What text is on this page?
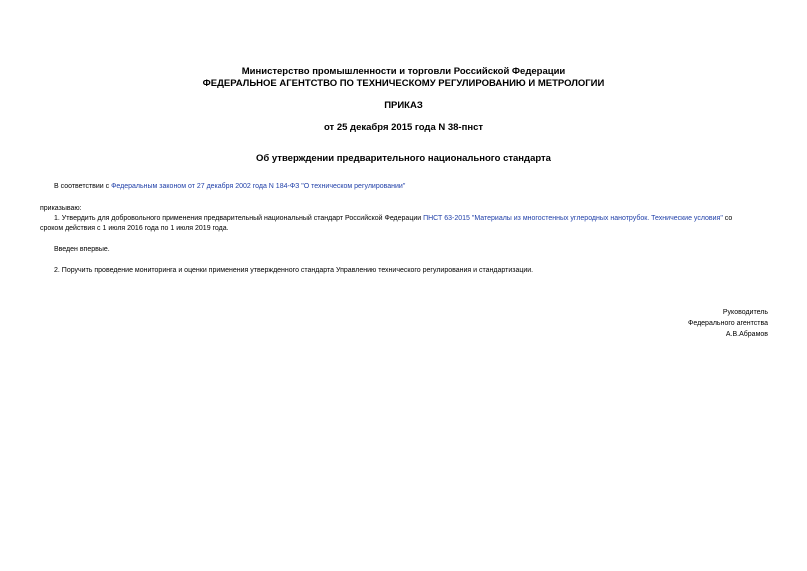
Министерство промышленности и торговли Российской Федерации
ФЕДЕРАЛЬНОЕ АГЕНТСТВО ПО ТЕХНИЧЕСКОМУ РЕГУЛИРОВАНИЮ И МЕТРОЛОГИИ
ПРИКАЗ
от 25 декабря 2015 года N 38-пнст
Об утверждении предварительного национального стандарта
В соответствии с Федеральным законом от 27 декабря 2002 года N 184-ФЗ "О техническом регулировании"
приказываю:
1. Утвердить для добровольного применения предварительный национальный стандарт Российской Федерации ПНСТ 63-2015 "Материалы из многостенных углеродных нанотрубок. Технические условия" со
сроком действия с 1 июля 2016 года по 1 июля 2019 года.
Введен впервые.
2. Поручить проведение мониторинга и оценки применения утвержденного стандарта Управлению технического регулирования и стандартизации.
Руководитель
Федерального агентства
А.В.Абрамов
